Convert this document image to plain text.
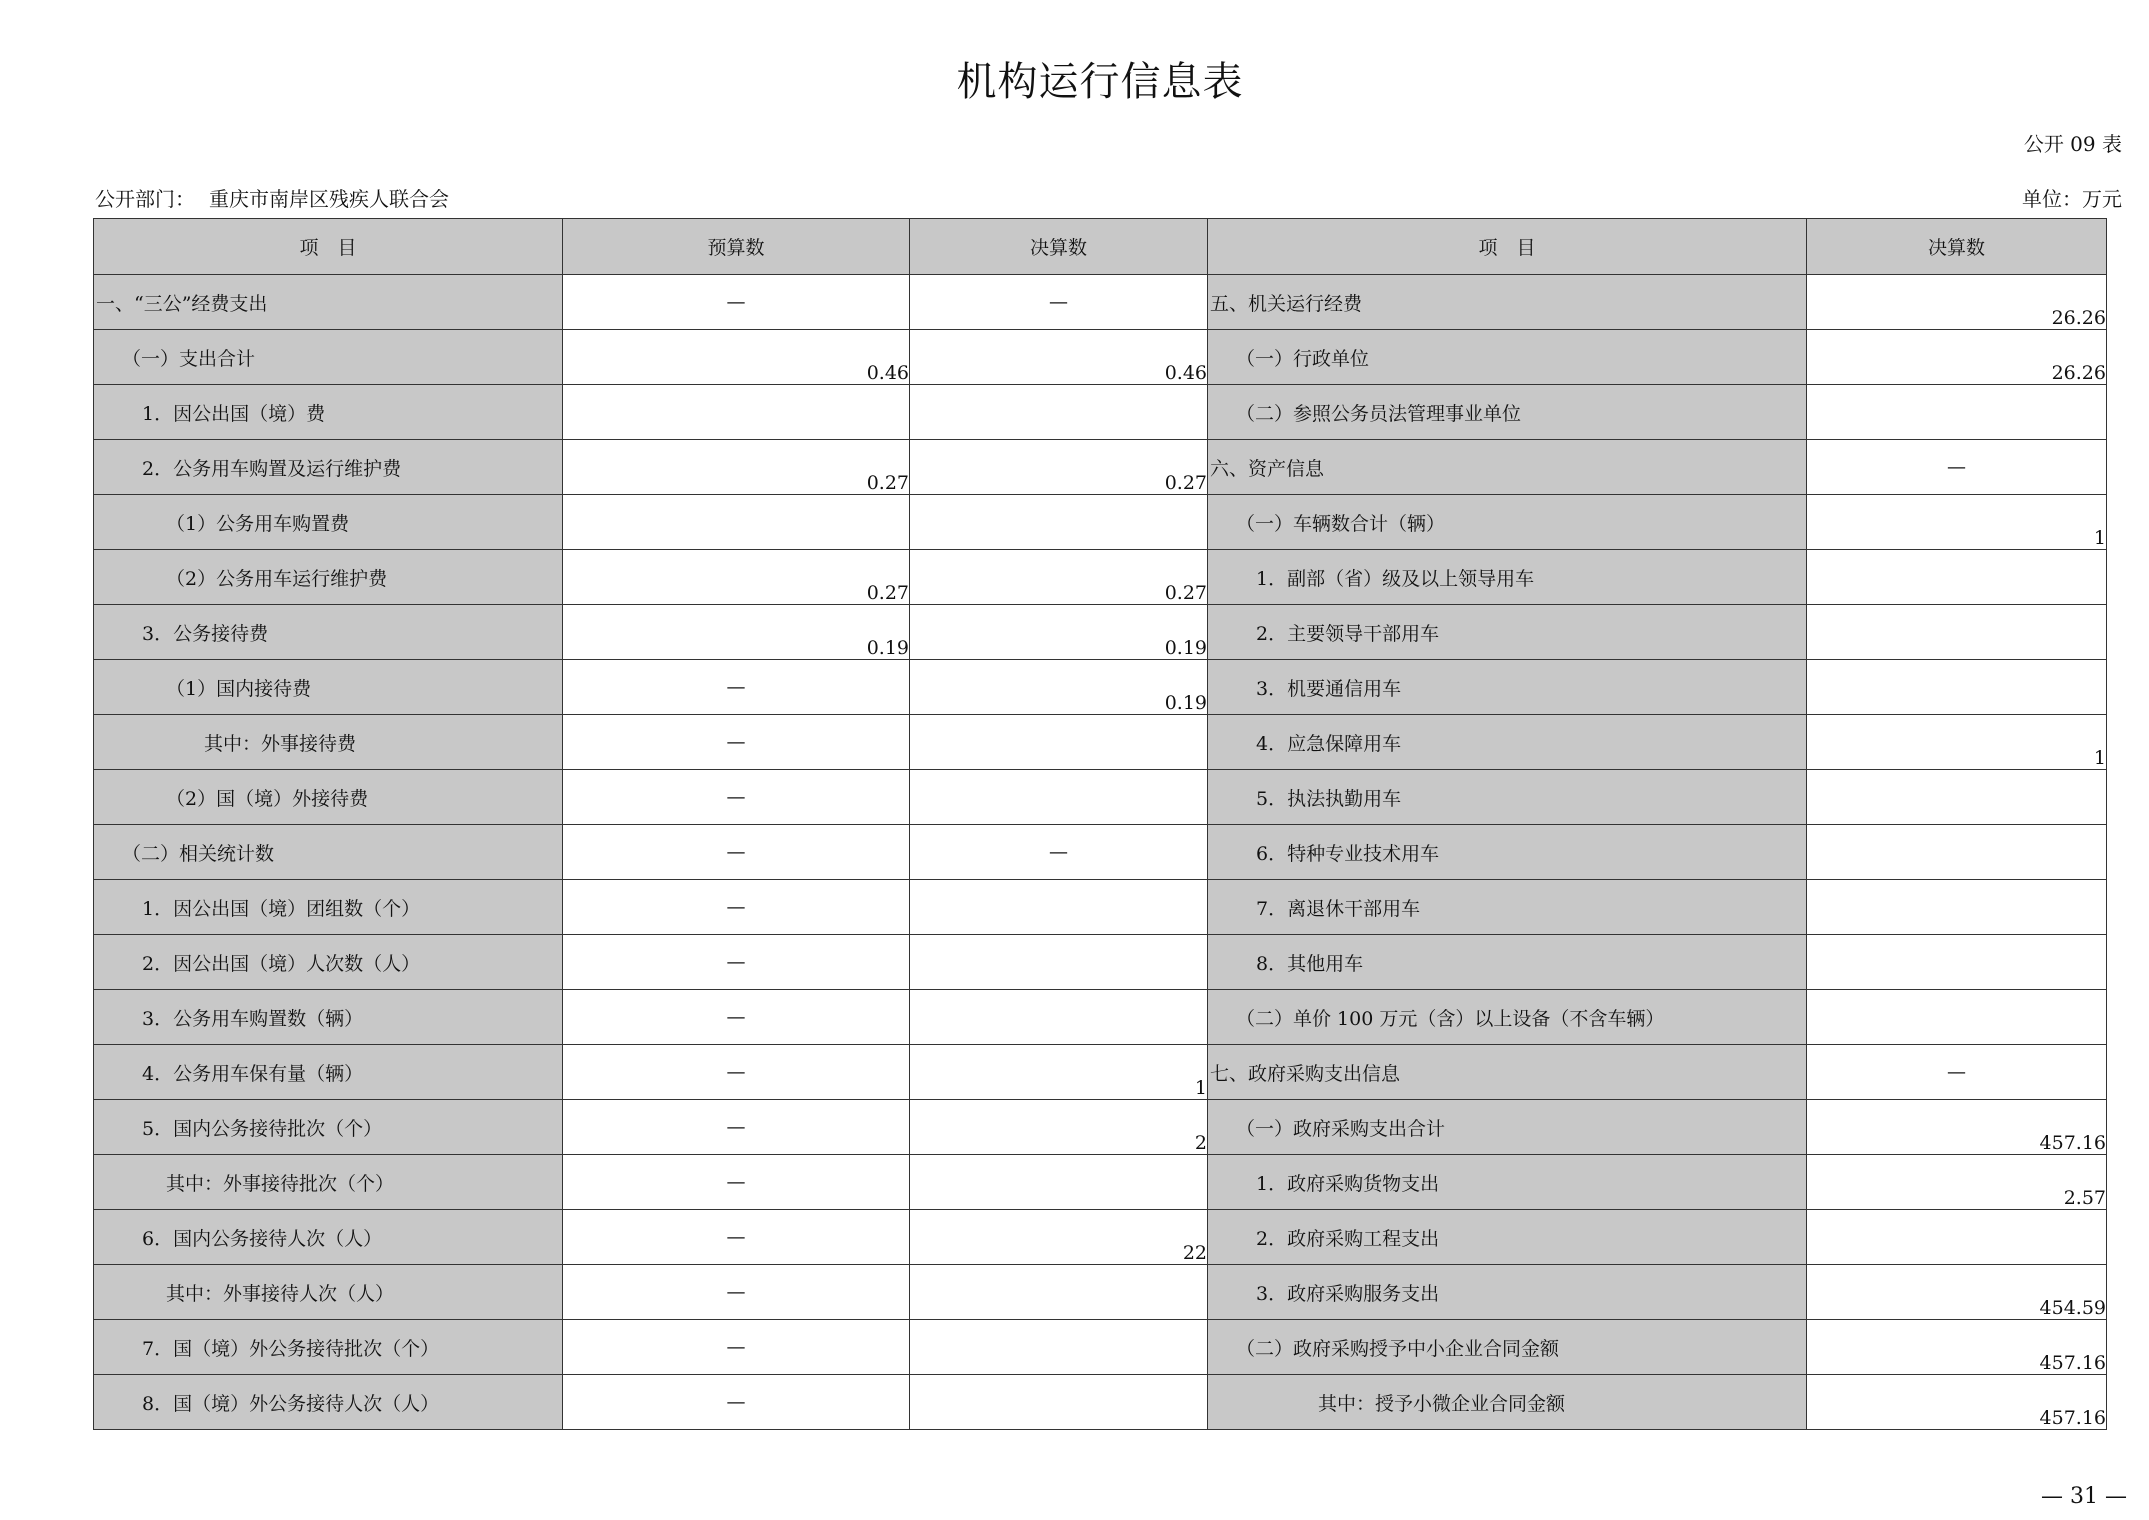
机构运行信息表
公开 09 表
公开部门： 重庆市南岸区残疾人联合会	单位：万元
项　目	预算数	决算数	项　目	决算数
一、“三公”经费支出	—	—	五、机关运行经费	26.26
（一）支出合计	0.46	0.46	（一）行政单位	26.26
1．因公出国（境）费			（二）参照公务员法管理事业单位	
2．公务用车购置及运行维护费	0.27	0.27	六、资产信息	—
（1）公务用车购置费			（一）车辆数合计（辆）	1
（2）公务用车运行维护费	0.27	0.27	1．副部（省）级及以上领导用车	
3．公务接待费	0.19	0.19	2．主要领导干部用车	
（1）国内接待费	—	0.19	3．机要通信用车	
其中：外事接待费	—		4．应急保障用车	1
（2）国（境）外接待费	—		5．执法执勤用车	
（二）相关统计数	—	—	6．特种专业技术用车	
1．因公出国（境）团组数（个）	—		7．离退休干部用车	
2．因公出国（境）人次数（人）	—		8．其他用车	
3．公务用车购置数（辆）	—		（二）单价 100 万元（含）以上设备（不含车辆）	
4．公务用车保有量（辆）	—	1	七、政府采购支出信息	—
5．国内公务接待批次（个）	—	2	（一）政府采购支出合计	457.16
其中：外事接待批次（个）	—		1．政府采购货物支出	2.57
6．国内公务接待人次（人）	—	22	2．政府采购工程支出	
其中：外事接待人次（人）	—		3．政府采购服务支出	454.59
7．国（境）外公务接待批次（个）	—		（二）政府采购授予中小企业合同金额	457.16
8．国（境）外公务接待人次（人）	—		其中：授予小微企业合同金额	457.16
— 31 —
